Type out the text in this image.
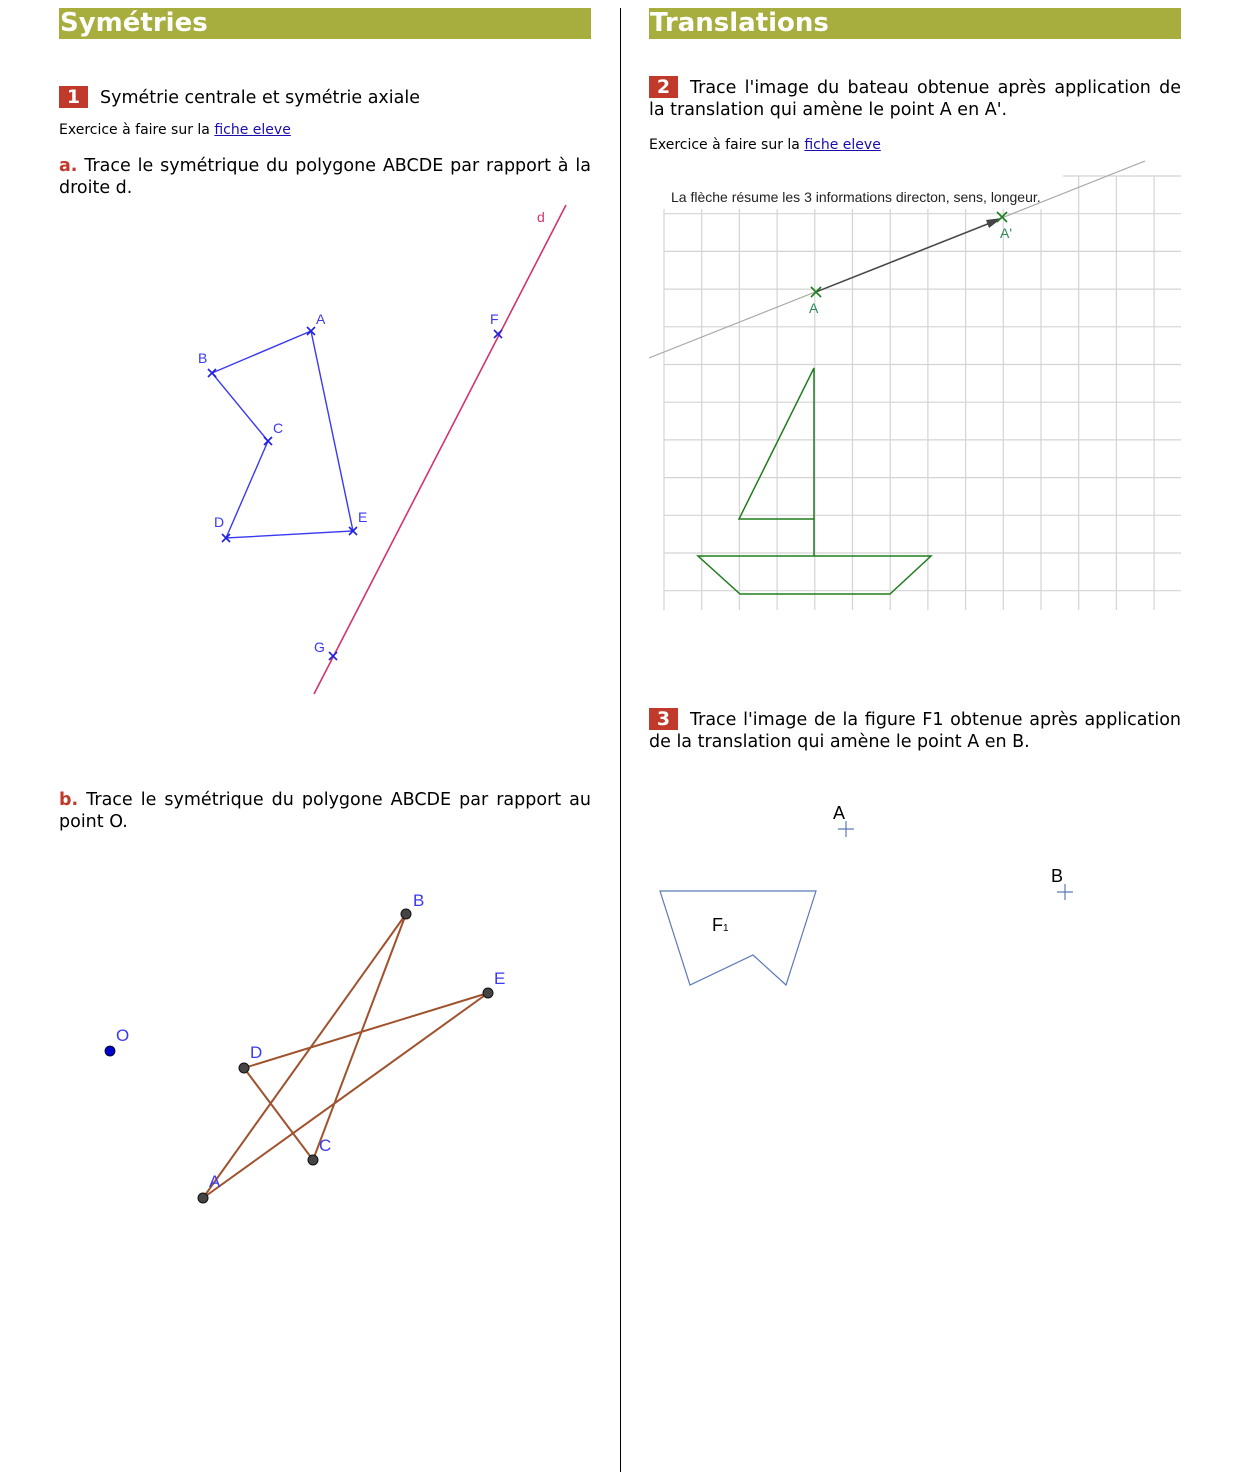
Symétries

1 Symétrie centrale et symétrie axiale

Exercice à faire sur la fiche eleve

a. Trace le symétrique du polygone ABCDE par rapport à la droite d.

b. Trace le symétrique du polygone ABCDE par rapport au point O.

d
A
B
C
D	E
F
G
O
A
B
C
D
E
Translations

2 Trace l'image du bateau obtenue après application de la translation qui amène le point A en A'.

Exercice à faire sur la fiche eleve

3 Trace l'image de la figure F1 obtenue après application de la translation qui amène le point A en B.

La flèche résume les 3 informations directon, sens, longeur.
A
A'
A
B
F1
